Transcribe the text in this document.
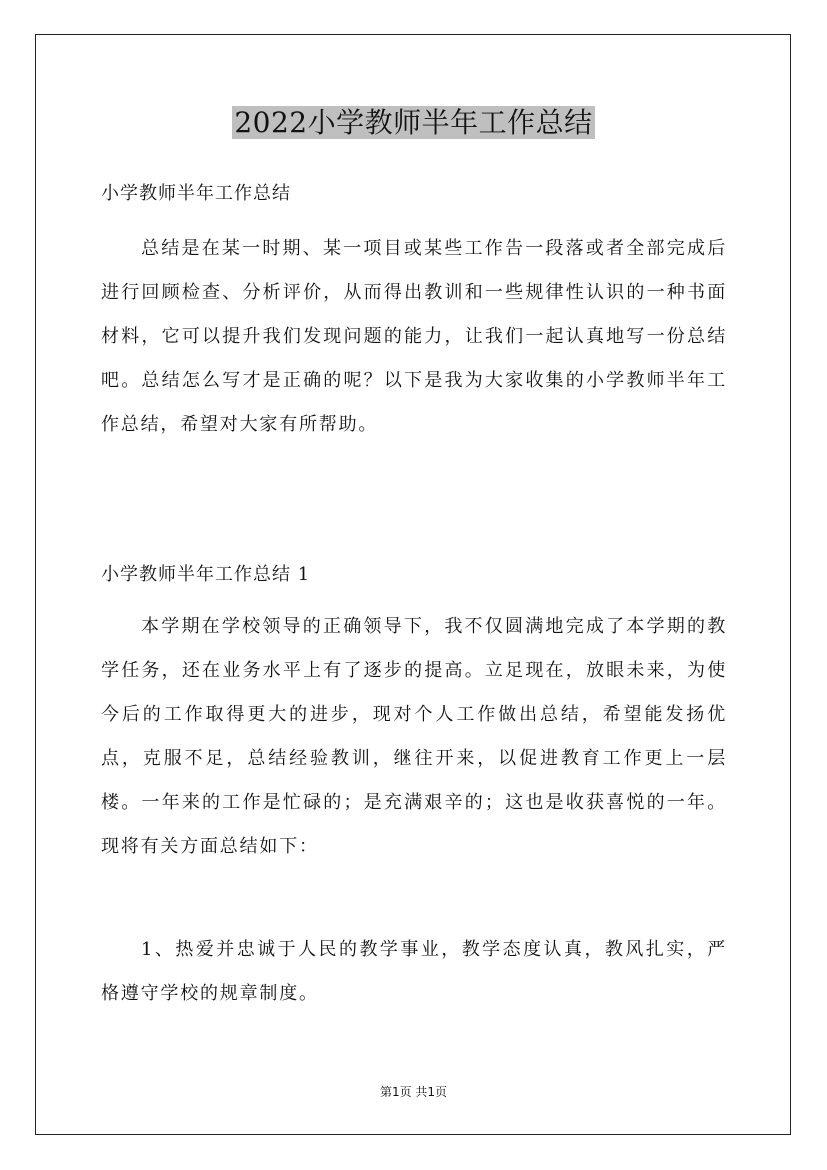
2022小学教师半年工作总结
小学教师半年工作总结

总结是在某一时期、某一项目或某些工作告一段落或者全部完成后进行回顾检查、分析评价，从而得出教训和一些规律性认识的一种书面材料，它可以提升我们发现问题的能力，让我们一起认真地写一份总结吧。总结怎么写才是正确的呢？以下是我为大家收集的小学教师半年工作总结，希望对大家有所帮助。

小学教师半年工作总结 1

本学期在学校领导的正确领导下，我不仅圆满地完成了本学期的教学任务，还在业务水平上有了逐步的提高。立足现在，放眼未来，为使今后的工作取得更大的进步，现对个人工作做出总结，希望能发扬优点，克服不足，总结经验教训，继往开来，以促进教育工作更上一层楼。一年来的工作是忙碌的；是充满艰辛的；这也是收获喜悦的一年。现将有关方面总结如下：

1、热爱并忠诚于人民的教学事业，教学态度认真，教风扎实，严格遵守学校的规章制度。

第1页 共1页
